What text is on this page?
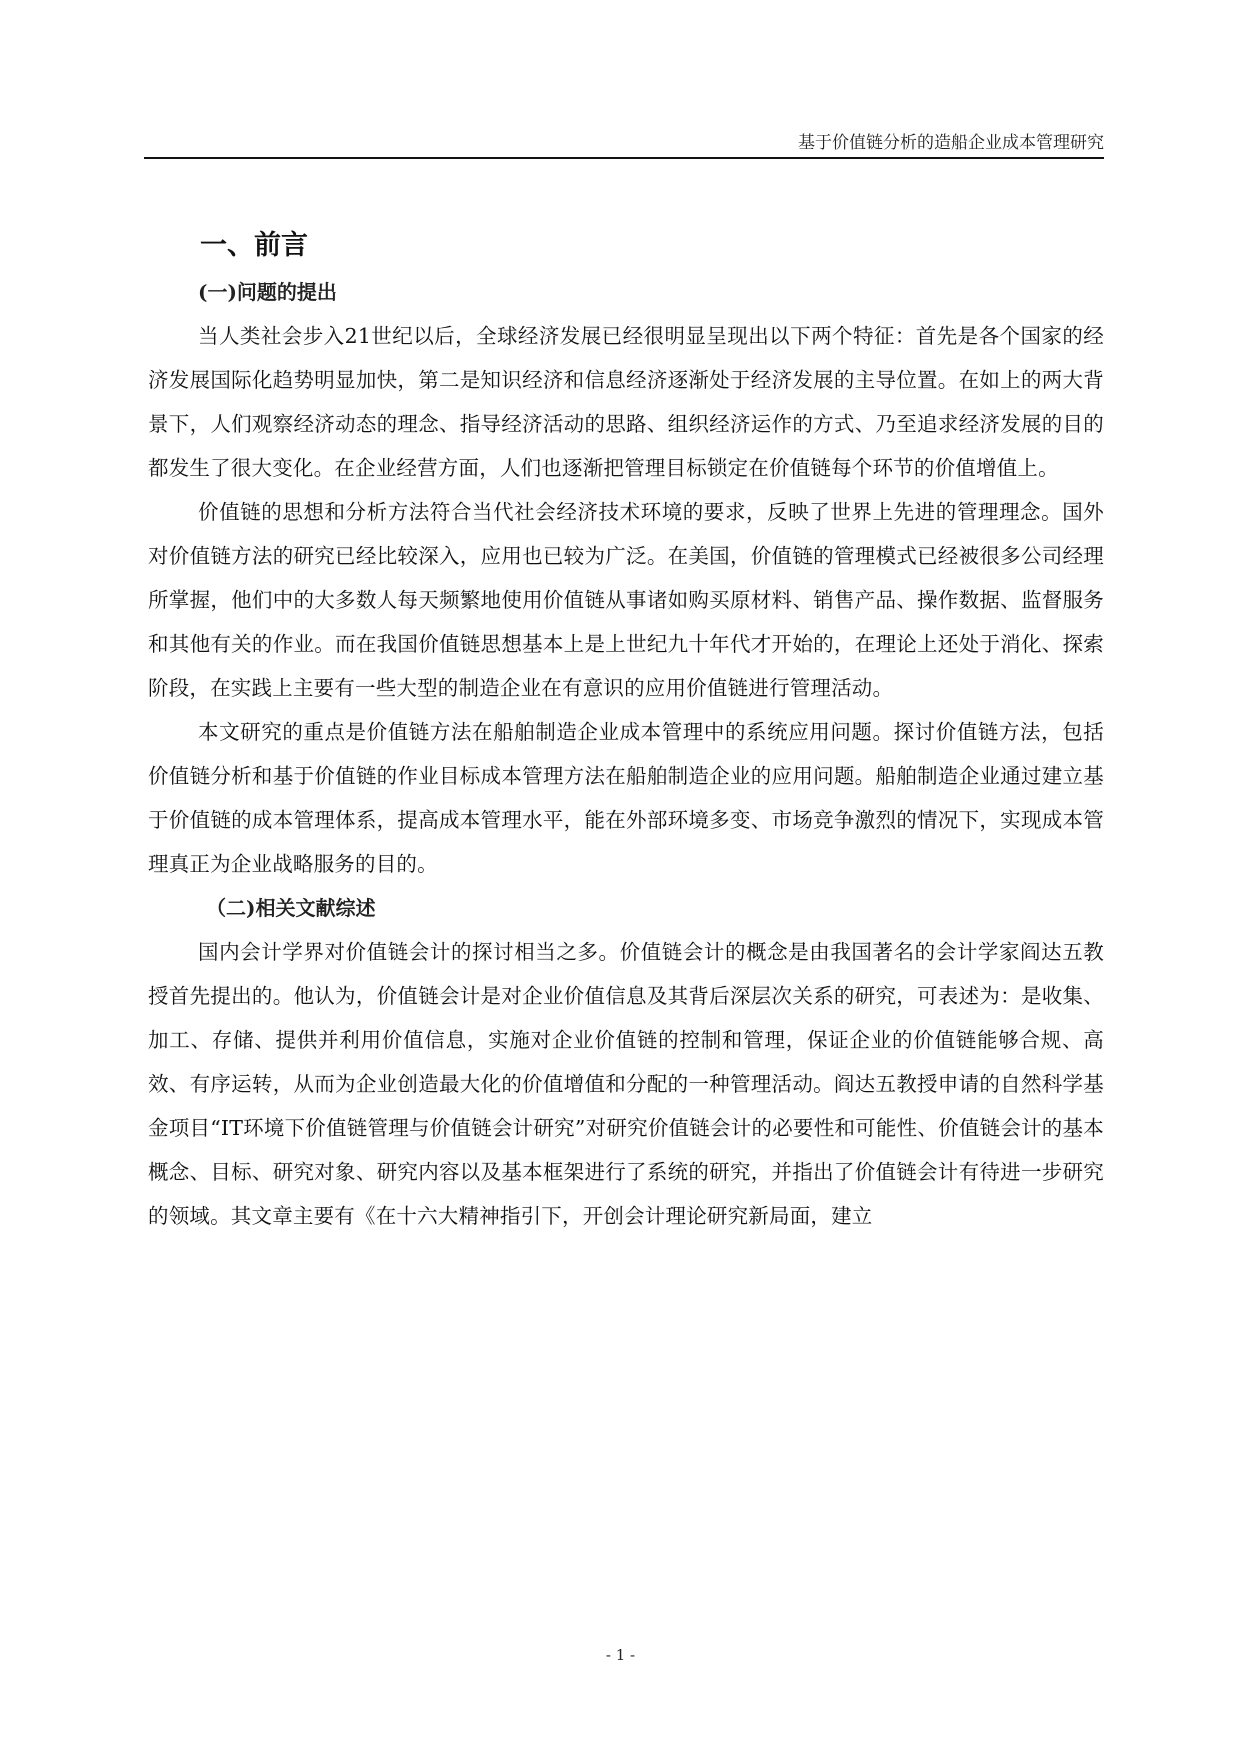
基于价值链分析的造船企业成本管理研究
一、前言
(一)问题的提出

当人类社会步入21世纪以后，全球经济发展已经很明显呈现出以下两个特征：首先是各个国家的经济发展国际化趋势明显加快，第二是知识经济和信息经济逐渐处于经济发展的主导位置。在如上的两大背景下，人们观察经济动态的理念、指导经济活动的思路、组织经济运作的方式、乃至追求经济发展的目的都发生了很大变化。在企业经营方面，人们也逐渐把管理目标锁定在价值链每个环节的价值增值上。

价值链的思想和分析方法符合当代社会经济技术环境的要求，反映了世界上先进的管理理念。国外对价值链方法的研究已经比较深入，应用也已较为广泛。在美国，价值链的管理模式已经被很多公司经理所掌握，他们中的大多数人每天频繁地使用价值链从事诸如购买原材料、销售产品、操作数据、监督服务和其他有关的作业。而在我国价值链思想基本上是上世纪九十年代才开始的，在理论上还处于消化、探索阶段，在实践上主要有一些大型的制造企业在有意识的应用价值链进行管理活动。

本文研究的重点是价值链方法在船舶制造企业成本管理中的系统应用问题。探讨价值链方法，包括价值链分析和基于价值链的作业目标成本管理方法在船舶制造企业的应用问题。船舶制造企业通过建立基于价值链的成本管理体系，提高成本管理水平，能在外部环境多变、市场竞争激烈的情况下，实现成本管理真正为企业战略服务的目的。

（二)相关文献综述

国内会计学界对价值链会计的探讨相当之多。价值链会计的概念是由我国著名的会计学家阎达五教授首先提出的。他认为，价值链会计是对企业价值信息及其背后深层次关系的研究，可表述为：是收集、加工、存储、提供并利用价值信息，实施对企业价值链的控制和管理，保证企业的价值链能够合规、高效、有序运转，从而为企业创造最大化的价值增值和分配的一种管理活动。阎达五教授申请的自然科学基金项目“IT环境下价值链管理与价值链会计研究”对研究价值链会计的必要性和可能性、价值链会计的基本概念、目标、研究对象、研究内容以及基本框架进行了系统的研究，并指出了价值链会计有待进一步研究的领域。其文章主要有《在十六大精神指引下，开创会计理论研究新局面，建立

- 1 -
